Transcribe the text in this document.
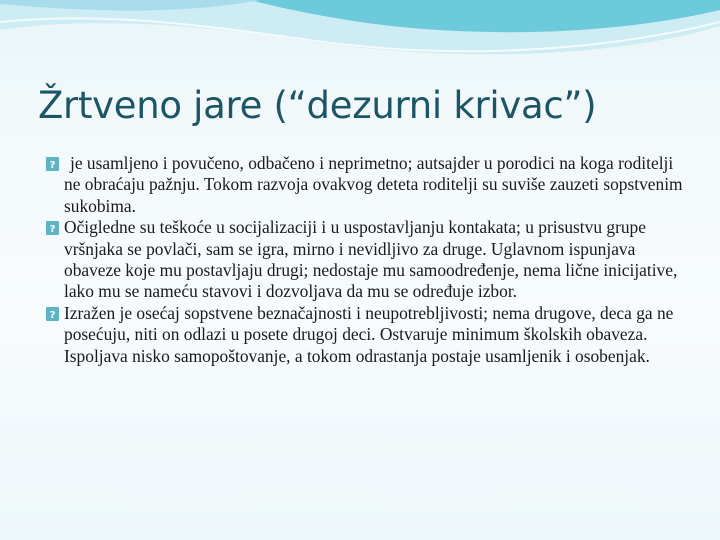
Žrtveno jare (“dezurni krivac”)
?
je usamljeno i povučeno, odbačeno i neprimetno; autsajder u porodici na koga roditelji ne obraćaju pažnju. Tokom razvoja ovakvog deteta roditelji su suviše zauzeti sopstvenim sukobima.
?
Očigledne su teškoće u socijalizaciji i u uspostavljanju kontakata; u prisustvu grupe vršnjaka se povlači, sam se igra, mirno i nevidljivo za druge. Uglavnom ispunjava obaveze koje mu postavljaju drugi; nedostaje mu samoodređenje, nema lične inicijative, lako mu se nameću stavovi i dozvoljava da mu se određuje izbor.
?
Izražen je osećaj sopstvene beznačajnosti i neupotrebljivosti; nema drugove, deca ga ne posećuju, niti on odlazi u posete drugoj deci. Ostvaruje minimum školskih obaveza. Ispoljava nisko samopoštovanje, a tokom odrastanja postaje usamljenik i osobenjak.
